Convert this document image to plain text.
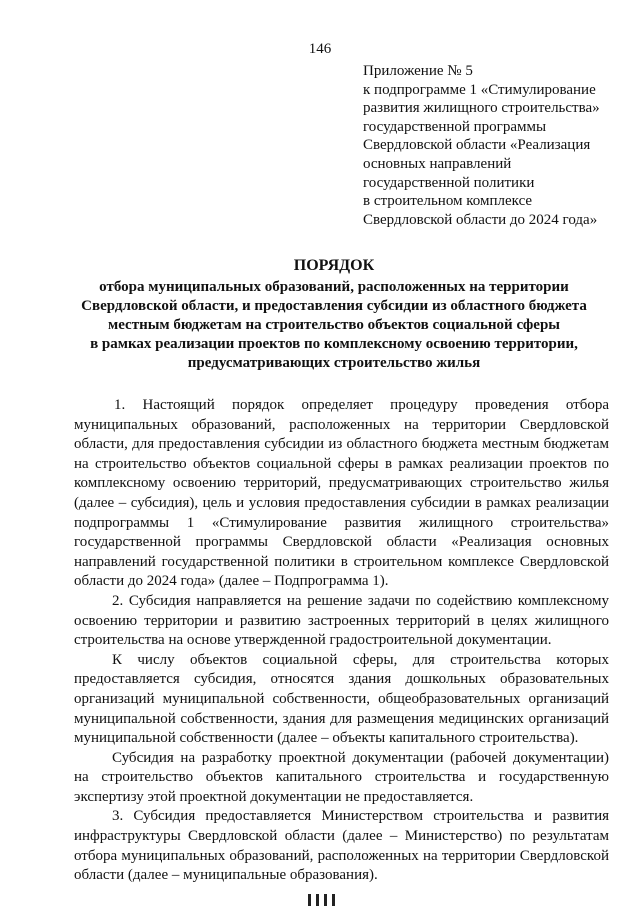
146
Приложение № 5
к подпрограмме 1 «Стимулирование
развития жилищного строительства»
государственной программы
Свердловской области «Реализация
основных направлений
государственной политики
в строительном комплексе
Свердловской области до 2024 года»
ПОРЯДОК
отбора муниципальных образований, расположенных на территории
Свердловской области, и предоставления субсидии из областного бюджета
местным бюджетам на строительство объектов социальной сферы
в рамках реализации проектов по комплексному освоению территории,
предусматривающих строительство жилья

1. Настоящий порядок определяет процедуру проведения отбора муниципальных образований, расположенных на территории Свердловской области, для предоставления субсидии из областного бюджета местным бюджетам на строительство объектов социальной сферы в рамках реализации проектов по комплексному освоению территорий, предусматривающих строительство жилья (далее – субсидия), цель и условия предоставления субсидии в рамках реализации подпрограммы 1 «Стимулирование развития жилищного строительства» государственной программы Свердловской области «Реализация основных направлений государственной политики в строительном комплексе Свердловской области до 2024 года» (далее – Подпрограмма 1).

2. Субсидия направляется на решение задачи по содействию комплексному освоению территории и развитию застроенных территорий в целях жилищного строительства на основе утвержденной градостроительной документации.

К числу объектов социальной сферы, для строительства которых предоставляется субсидия, относятся здания дошкольных образовательных организаций муниципальной собственности, общеобразовательных организаций муниципальной собственности, здания для размещения медицинских организаций муниципальной собственности (далее – объекты капитального строительства).

Субсидия на разработку проектной документации (рабочей документации) на строительство объектов капитального строительства и государственную экспертизу этой проектной документации не предоставляется.

3. Субсидия предоставляется Министерством строительства и развития инфраструктуры Свердловской области (далее – Министерство) по результатам отбора муниципальных образований, расположенных на территории Свердловской области (далее – муниципальные образования).
